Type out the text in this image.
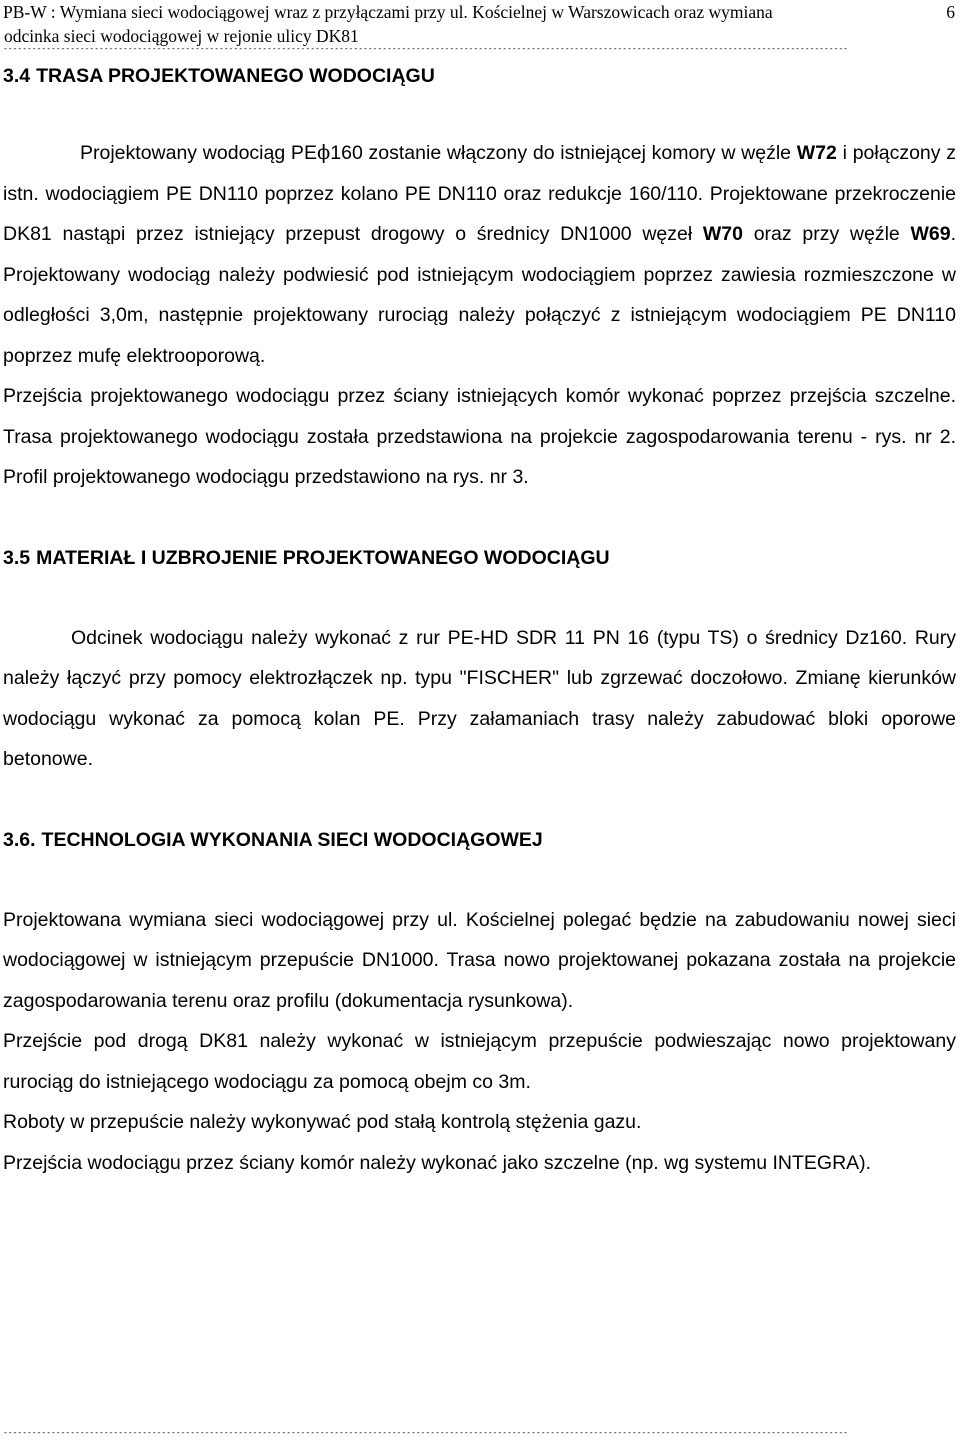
PB-W : Wymiana sieci wodociągowej wraz z przyłączami przy ul. Kościelnej w Warszowicach oraz wymiana	6
odcinka sieci wodociągowej w rejonie ulicy DK81
--------------------------------------------------------------------------------------------------------------------------------------------------------------------------------
3.4 TRASA PROJEKTOWANEGO WODOCIĄGU

Projektowany wodociąg PEϕ160 zostanie włączony do istniejącej komory w węźle W72 i połączony z istn. wodociągiem PE DN110 poprzez kolano PE DN110 oraz redukcje 160/110. Projektowane przekroczenie DK81 nastąpi przez istniejący przepust drogowy o średnicy DN1000 węzeł W70 oraz przy węźle W69. Projektowany wodociąg należy podwiesić pod istniejącym wodociągiem poprzez zawiesia rozmieszczone w odległości 3,0m, następnie projektowany rurociąg należy połączyć z istniejącym wodociągiem PE DN110 poprzez mufę elektrooporową.

Przejścia projektowanego wodociągu przez ściany istniejących komór wykonać poprzez przejścia szczelne. Trasa projektowanego wodociągu została przedstawiona na projekcie zagospodarowania terenu - rys. nr 2. Profil projektowanego wodociągu przedstawiono na rys. nr 3.

3.5 MATERIAŁ I UZBROJENIE PROJEKTOWANEGO WODOCIĄGU

Odcinek wodociągu należy wykonać z rur PE-HD SDR 11 PN 16 (typu TS) o średnicy Dz160. Rury należy łączyć przy pomocy elektrozłączek np. typu "FISCHER" lub zgrzewać doczołowo. Zmianę kierunków wodociągu wykonać za pomocą kolan PE. Przy załamaniach trasy należy zabudować bloki oporowe betonowe.

3.6. TECHNOLOGIA WYKONANIA SIECI WODOCIĄGOWEJ

Projektowana wymiana sieci wodociągowej przy ul. Kościelnej polegać będzie na zabudowaniu nowej sieci wodociągowej w istniejącym przepuście DN1000. Trasa nowo projektowanej pokazana została na projekcie zagospodarowania terenu oraz profilu (dokumentacja rysunkowa).

Przejście pod drogą DK81 należy wykonać w istniejącym przepuście podwieszając nowo projektowany rurociąg do istniejącego wodociągu za pomocą obejm co 3m.

Roboty w przepuście należy wykonywać pod stałą kontrolą stężenia gazu.

Przejścia wodociągu przez ściany komór należy wykonać jako szczelne (np. wg systemu INTEGRA).

--------------------------------------------------------------------------------------------------------------------------------------------------------------------------------
